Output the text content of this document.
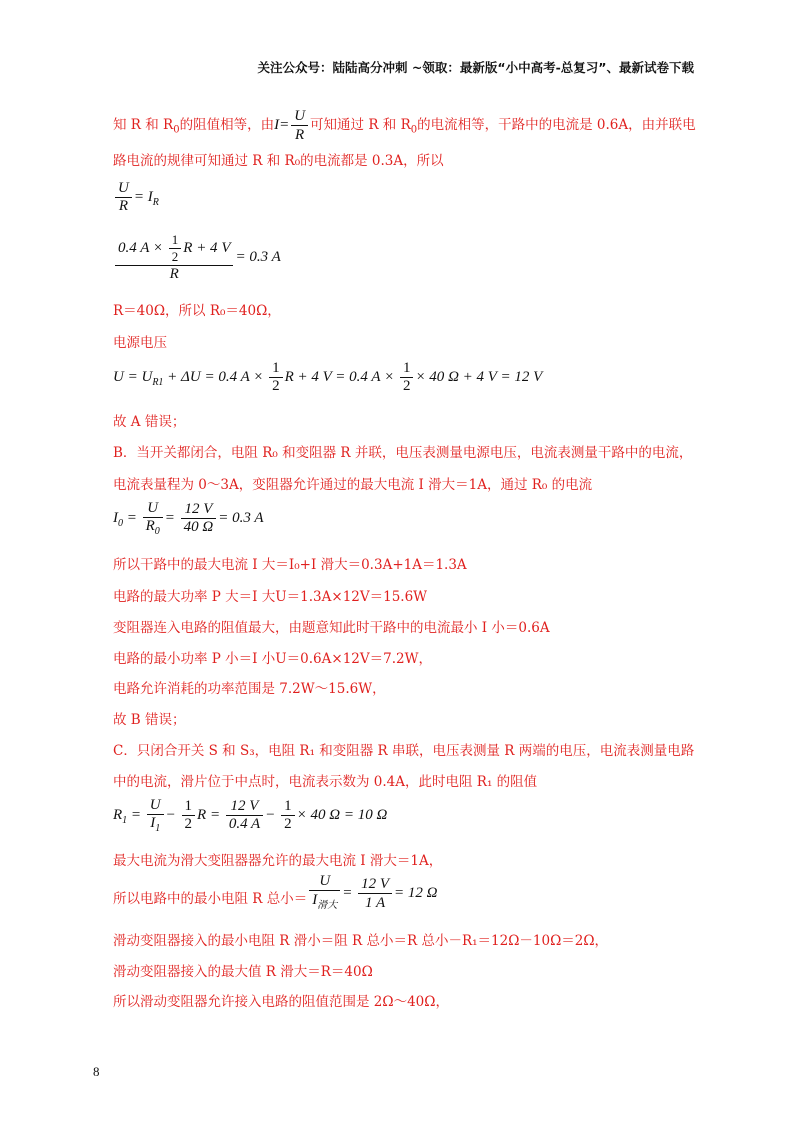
关注公众号：陆陆高分冲刺 ~领取：最新版“小中高考-总复习”、最新试卷下载
知 R 和 $R_0$的阻值相等，由$I= \frac{U}{R}$ 可知通过 R 和 $R_0$的电流相等，干路中的电流是 0.6A，由并联电
路电流的规律可知通过 R 和 R₀的电流都是 0.3A，所以
$\frac{U}{R} = I_R$
$\frac{0.4 A \times \frac{1}{2} R + 4 V}{R} = 0.3$ A
R＝40Ω，所以 R₀＝40Ω，
电源电压
$U = U_{R1} + \Delta U = 0.4$ $A \times \frac{1}{2}$ R + 4 V = 0.4 $A \times \frac{1}{2} \times 40$ Ω + 4 V = 12 V
故 A 错误；
B．当开关都闭合，电阻 R₀ 和变阻器 R 并联，电压表测量电源电压，电流表测量干路中的电流，
电流表量程为 0～3A，变阻器允许通过的最大电流 I 滑大＝1A，通过 R₀ 的电流
$I_0 = \frac{U}{R_0} = \frac{12 V}{40 \Omega} = 0.3$ A
所以干路中的最大电流 I 大＝I₀+I 滑大＝0.3A+1A＝1.3A
电路的最大功率 P 大＝I 大U＝1.3A×12V＝15.6W
变阻器连入电路的阻值最大，由题意知此时干路中的电流最小 I 小＝0.6A
电路的最小功率 P 小＝I 小U＝0.6A×12V＝7.2W，
电路允许消耗的功率范围是 7.2W～15.6W，
故 B 错误；
C．只闭合开关 S 和 S₃，电阻 R₁ 和变阻器 R 串联，电压表测量 R 两端的电压，电流表测量电路
中的电流，滑片位于中点时，电流表示数为 0.4A，此时电阻 R₁ 的阻值
$R_1 = \frac{U}{I_1} - \frac{1}{2}$ $R = \frac{12 V}{0.4 A} - \frac{1}{2} \times 40$ Ω = 10 Ω
最大电流为滑大变阻器器允许的最大电流 I 滑大＝1A，
所以电路中的最小电阻 R 总小＝ $\frac{U}{I_{滑大}} = \frac{12 V}{1 A} = 12$ Ω
滑动变阻器接入的最小电阻 R 滑小＝阻 R 总小＝R 总小－R₁＝12Ω－10Ω＝2Ω，
滑动变阻器接入的最大值 R 滑大＝R＝40Ω
所以滑动变阻器允许接入电路的阻值范围是 2Ω～40Ω，
8
